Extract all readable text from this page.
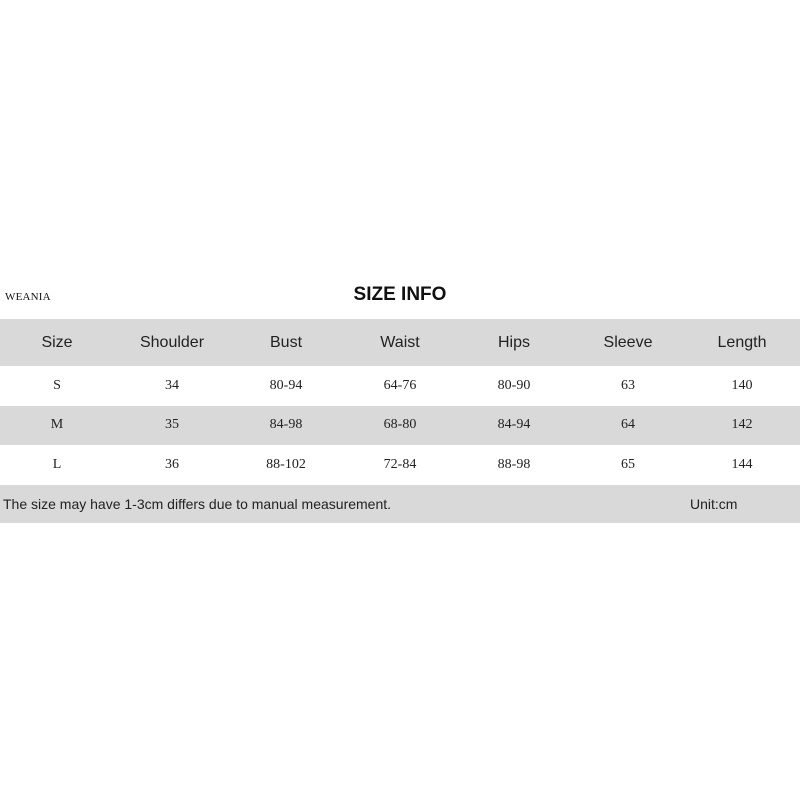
WEANIA	SIZE INFO
Size	Shoulder	Bust	Waist	Hips	Sleeve	Length
S	34	80-94	64-76	80-90	63	140
M	35	84-98	68-80	84-94	64	142
L	36	88-102	72-84	88-98	65	144
The size may have 1-3cm differs due to manual measurement.	Unit:cm
